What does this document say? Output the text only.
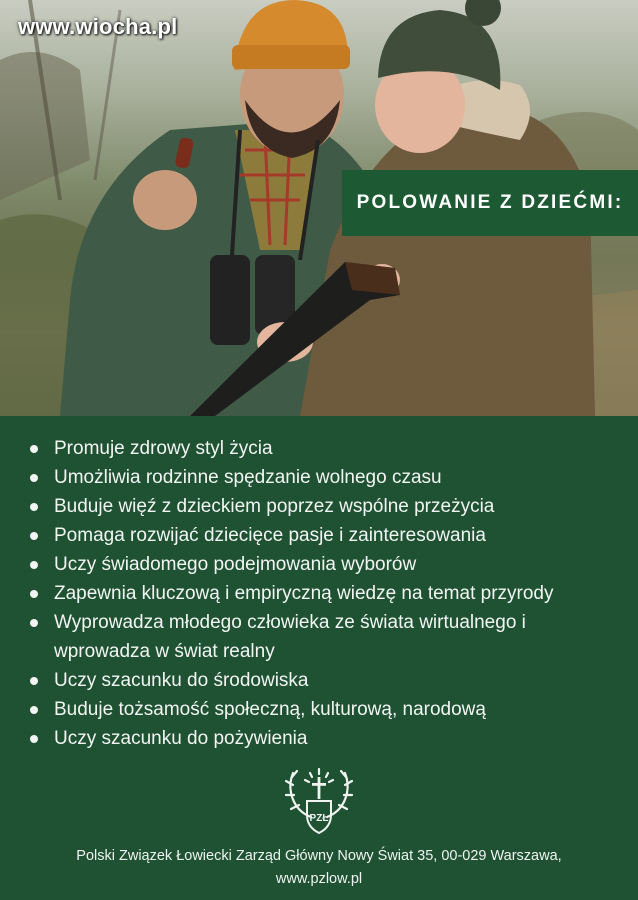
www.wiocha.pl
POLOWANIE Z DZIEĆMI:
Promuje zdrowy styl życia
Umożliwia rodzinne spędzanie wolnego czasu
Buduje więź z dzieckiem poprzez wspólne przeżycia
Pomaga rozwijać dziecięce pasje i zainteresowania
Uczy świadomego podejmowania wyborów
Zapewnia kluczową i empiryczną wiedzę na temat przyrody
Wyprowadza młodego człowieka ze świata wirtualnego i wprowadza w świat realny
Uczy szacunku do środowiska
Buduje tożsamość społeczną, kulturową, narodową
Uczy szacunku do pożywienia
PZŁ
Polski Związek Łowiecki Zarząd Główny Nowy Świat 35, 00-029 Warszawa,
www.pzlow.pl
